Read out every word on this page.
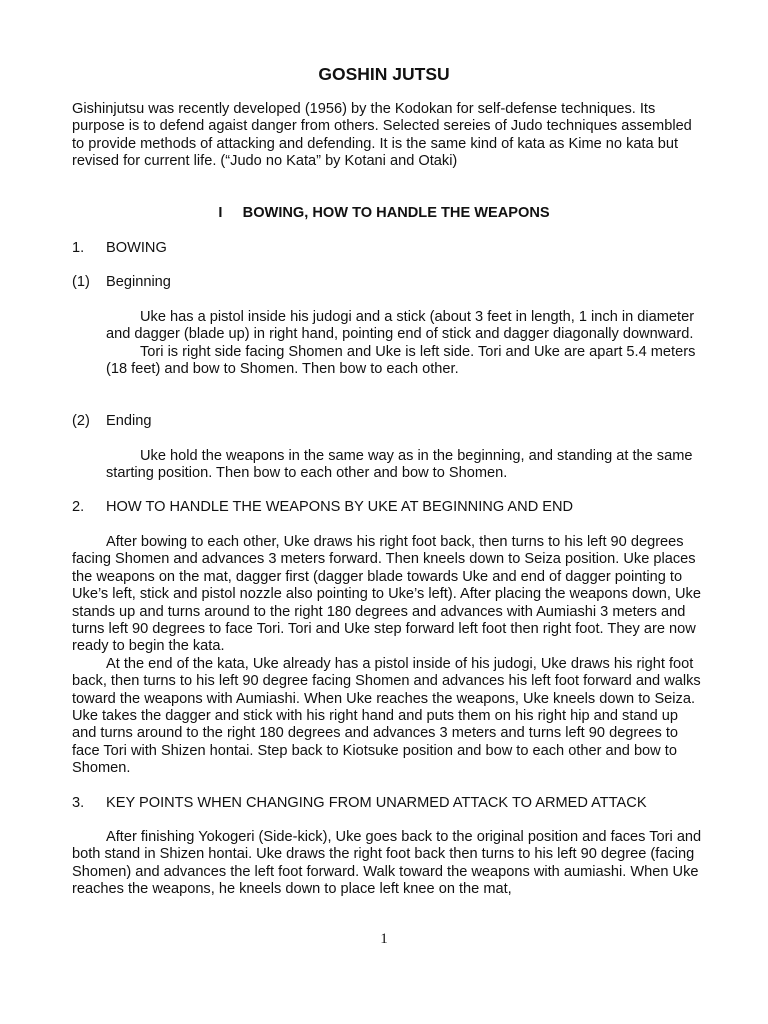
GOSHIN JUTSU

Gishinjutsu was recently developed (1956) by the Kodokan for self-defense techniques. Its purpose is to defend agaist danger from others. Selected sereies of Judo techniques assembled to provide methods of attacking and defending. It is the same kind of kata as Kime no kata but revised for current life. (“Judo no Kata” by Kotani and Otaki)

I BOWING, HOW TO HANDLE THE WEAPONS
1.	BOWING
(1)	Beginning

Uke has a pistol inside his judogi and a stick (about 3 feet in length, 1 inch in diameter and dagger (blade up) in right hand, pointing end of stick and dagger diagonally downward.

Tori is right side facing Shomen and Uke is left side. Tori and Uke are apart 5.4 meters (18 feet) and bow to Shomen. Then bow to each other.

(2)	Ending

Uke hold the weapons in the same way as in the beginning, and standing at the same starting position. Then bow to each other and bow to Shomen.

2.	HOW TO HANDLE THE WEAPONS BY UKE AT BEGINNING AND END

After bowing to each other, Uke draws his right foot back, then turns to his left 90 degrees facing Shomen and advances 3 meters forward. Then kneels down to Seiza position. Uke places the weapons on the mat, dagger first (dagger blade towards Uke and end of dagger pointing to Uke’s left, stick and pistol nozzle also pointing to Uke’s left). After placing the weapons down, Uke stands up and turns around to the right 180 degrees and advances with Aumiashi 3 meters and turns left 90 degrees to face Tori. Tori and Uke step forward left foot then right foot. They are now ready to begin the kata.

At the end of the kata, Uke already has a pistol inside of his judogi, Uke draws his right foot back, then turns to his left 90 degree facing Shomen and advances his left foot forward and walks toward the weapons with Aumiashi. When Uke reaches the weapons, Uke kneels down to Seiza. Uke takes the dagger and stick with his right hand and puts them on his right hip and stand up and turns around to the right 180 degrees and advances 3 meters and turns left 90 degrees to face Tori with Shizen hontai. Step back to Kiotsuke position and bow to each other and bow to Shomen.

3.	KEY POINTS WHEN CHANGING FROM UNARMED ATTACK TO ARMED ATTACK

After finishing Yokogeri (Side-kick), Uke goes back to the original position and faces Tori and both stand in Shizen hontai. Uke draws the right foot back then turns to his left 90 degree (facing Shomen) and advances the left foot forward. Walk toward the weapons with aumiashi. When Uke reaches the weapons, he kneels down to place left knee on the mat,

1
